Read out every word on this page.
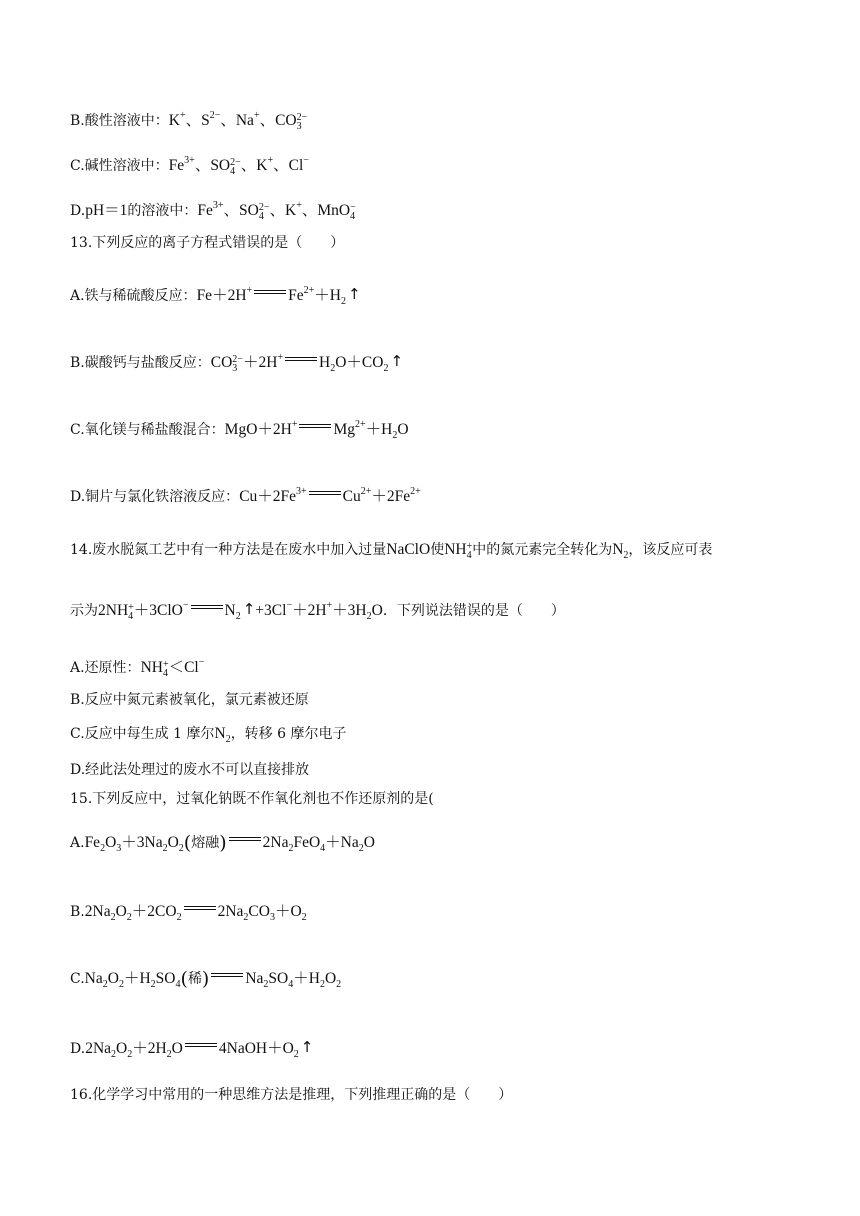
B.酸性溶液中：K+、$S^{2-}$、Na+、CO 2−
3
C.碱性溶液中：$Fe^{3+}$、SO 2−
4 、K+、Cl−
D.pH＝1的溶液中：$Fe^{3+}$、SO 2−
4 、K+、MnO −
4
13.下列反应的离子方程式错误的是（　　）
A.铁与稀硫酸反应：Fe＋2H+ $Fe^{2+}+H_2$ ↑
B.碳酸钙与盐酸反应：CO 2−
3 ＋2H+ $H_2O+CO_2$ ↑
C.氧化镁与稀盐酸混合：MgO＋2H+ $Mg^{2+}+H_2O$
D.铜片与氯化铁溶液反应：$Cu+2Fe^{3+}$ $Cu^{2+}+2Fe^{2+}$
14.废水脱氮工艺中有一种方法是在废水中加入过量NaClO使NH +
4 中的氮元素完全转化为$N_2$，该反应可表
示为2NH +
4 ＋3ClO− $N_2$ $↑+3Cl^-+2H^++3H_2O$．下列说法错误的是（　　）
A.还原性：NH +
4 ＜Cl−
B.反应中氮元素被氧化，氯元素被还原
C.反应中每生成 1 摩尔$N_2$，转移 6 摩尔电子
D.经此法处理过的废水不可以直接排放
15.下列反应中，过氧化钠既不作氧化剂也不作还原剂的是(
$A.Fe_2O_3+3Na_2O_2$(熔融) $2Na_2FeO_4+Na_2O$
$B.2Na_2O_2+2CO_2$ $2Na_2CO_3+O_2$
$C.Na_2O_2+H_2SO_4$(稀) $Na_2SO_4+H_2O_2$
$D.2Na_2O_2+2H_2O$ $4NaOH+O_2$ ↑
16.化学学习中常用的一种思维方法是推理，下列推理正确的是（　　）
